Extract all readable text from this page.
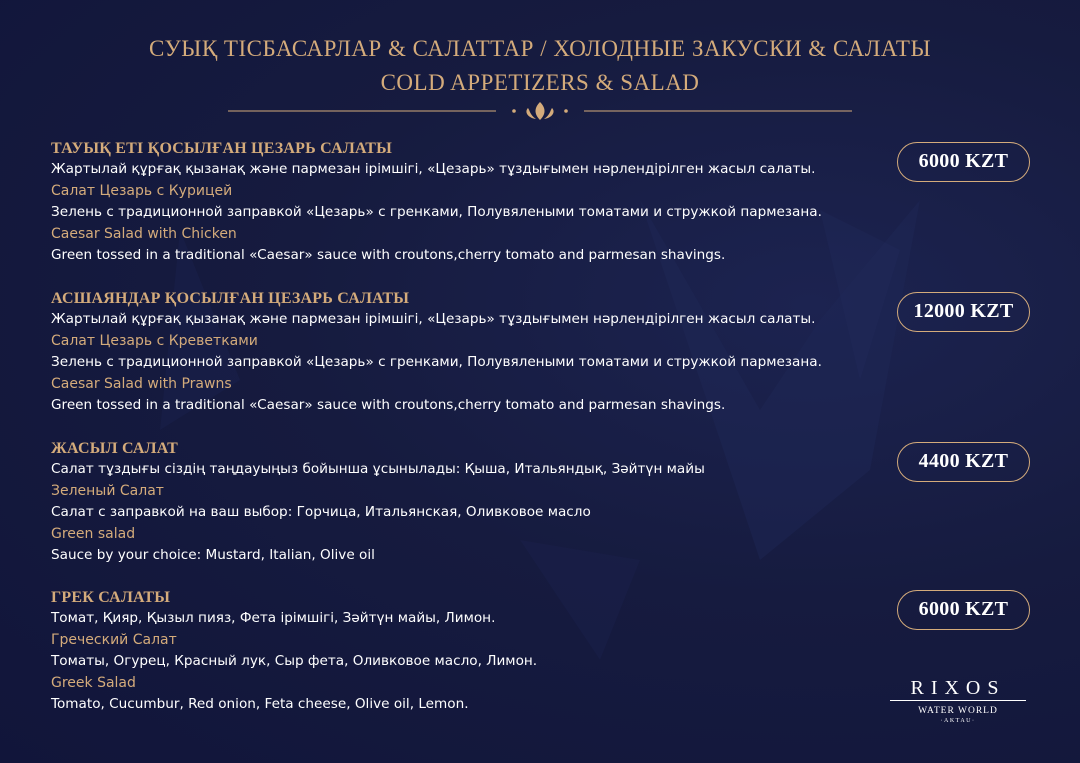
СУЫҚ ТІСБАСАРЛАР & САЛАТТАР / ХОЛОДНЫЕ ЗАКУСКИ & САЛАТЫ
COLD APPETIZERS & SALAD
ТАУЫҚ ЕТІ ҚОСЫЛҒАН ЦЕЗАРЬ САЛАТЫ
Жартылай құрғақ қызанақ және пармезан ірімшігі, «Цезарь» тұздығымен нәрлендірілген жасыл салаты.
Салат Цезарь с Курицей
Зелень с традиционной заправкой «Цезарь» с гренками, Полувялеными томатами и стружкой пармезана.
Caesar Salad with Chicken
Green tossed in a traditional «Caesar» sauce with croutons,cherry tomato and parmesan shavings.
6000 KZT
АСШАЯНДАР ҚОСЫЛҒАН ЦЕЗАРЬ САЛАТЫ
Жартылай құрғақ қызанақ және пармезан ірімшігі, «Цезарь» тұздығымен нәрлендірілген жасыл салаты.
Салат Цезарь с Креветками
Зелень с традиционной заправкой «Цезарь» с гренками, Полувялеными томатами и стружкой пармезана.
Caesar Salad with Prawns
Green tossed in a traditional «Caesar» sauce with croutons,cherry tomato and parmesan shavings.
12000 KZT
ЖАСЫЛ САЛАТ
Салат тұздығы сіздің таңдауыңыз бойынша ұсынылады: Қыша, Итальяндық, Зәйтүн майы
Зеленый Салат
Салат с заправкой на ваш выбор: Горчица, Итальянская, Оливковое масло
Green salad
Sauce by your choice: Mustard, Italian, Olive oil
4400 KZT
ГРЕК САЛАТЫ
Томат, Қияр, Қызыл пияз, Фета ірімшігі, Зәйтүн майы, Лимон.
Греческий Салат
Томаты, Огурец, Красный лук, Сыр фета, Оливковое масло, Лимон.
Greek Salad
Tomato, Cucumbur, Red onion, Feta cheese, Olive oil, Lemon.
6000 KZT
RIXOS
WATER WORLD
·AKTAU·
